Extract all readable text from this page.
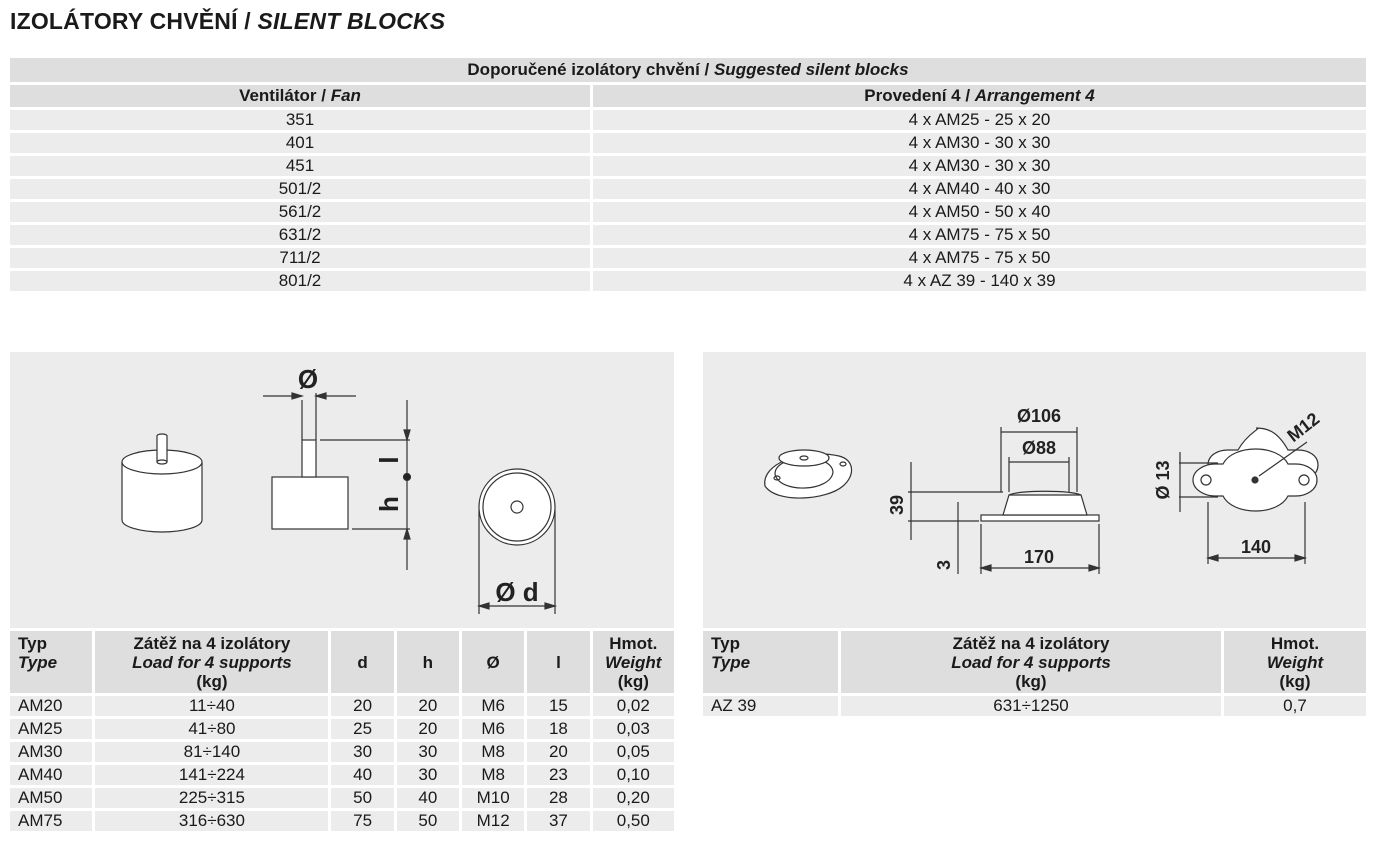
IZOLÁTORY CHVĚNÍ / SILENT BLOCKS
Doporučené izolátory chvění / Suggested silent blocks	
Ventilátor / Fan	Provedení 4 / Arrangement 4
351	4 x AM25 - 25 x 20
401	4 x AM30 - 30 x 30
451	4 x AM30 - 30 x 30
501/2	4 x AM40 - 40 x 30
561/2	4 x AM50 - 50 x 40
631/2	4 x AM75 - 75 x 50
711/2	4 x AM75 - 75 x 50
801/2	4 x AZ 39 - 140 x 39
Ø
l
h
Ø d
Ø106
Ø88
39
3	170
Ø 13
M12
140
Typ
Type	Zátěž na 4 izolátory
Load for 4 supports
(kg)	d	h	Ø	l	Hmot.
Weight
(kg)
AM20	11÷40	20	20	M6	15	0,02
AM25	41÷80	25	20	M6	18	0,03
AM30	81÷140	30	30	M8	20	0,05
AM40	141÷224	40	30	M8	23	0,10
AM50	225÷315	50	40	M10	28	0,20
AM75	316÷630	75	50	M12	37	0,50
Typ
Type	Zátěž na 4 izolátory
Load for 4 supports
(kg)	Hmot.
Weight
(kg)
AZ 39	631÷1250	0,7
